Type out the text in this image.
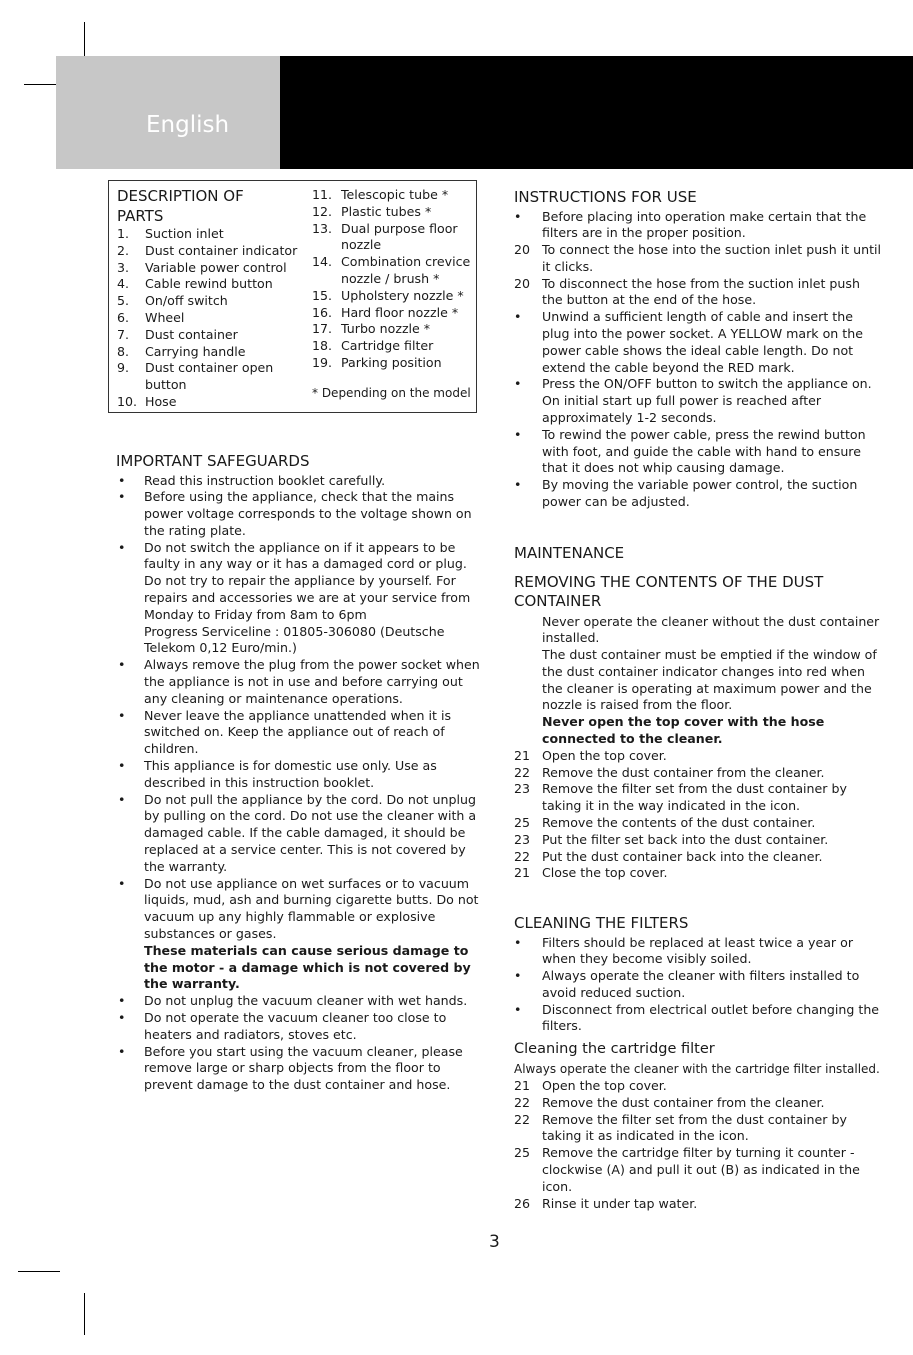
English
DESCRIPTION OF PARTS
1.	Suction inlet
2.	Dust container indicator
3.	Variable power control
4.	Cable rewind button
5.	On/off switch
6.	Wheel
7.	Dust container
8.	Carrying handle
9.	Dust container open button
10. Hose
11. Telescopic tube *
12. Plastic tubes *
13. Dual purpose floor nozzle
14. Combination crevice nozzle / brush *
15. Upholstery nozzle *
16. Hard floor nozzle *
17. Turbo nozzle *
18. Cartridge filter
19. Parking position
* Depending on the model
IMPORTANT SAFEGUARDS
•	Read this instruction booklet carefully.
•	Before using the appliance, check that the mains power voltage corresponds to the voltage shown on the rating plate.
•	Do not switch the appliance on if it appears to be faulty in any way or it has a damaged cord or plug. Do not try to repair the appliance by yourself. For repairs and accessories we are at your service from Monday to Friday from 8am to 6pm
Progress Serviceline : 01805-306080 (Deutsche Telekom 0,12 Euro/min.)
•	Always remove the plug from the power socket when the appliance is not in use and before carrying out any cleaning or maintenance operations.
•	Never leave the appliance unattended when it is switched on. Keep the appliance out of reach of children.
•	This appliance is for domestic use only. Use as described in this instruction booklet.
•	Do not pull the appliance by the cord. Do not unplug by pulling on the cord. Do not use the cleaner with a damaged cable. If the cable damaged, it should be replaced at a service center. This is not covered by the warranty.
•	Do not use appliance on wet surfaces or to vacuum liquids, mud, ash and burning cigarette butts. Do not vacuum up any highly flammable or explosive substances or gases.
These materials can cause serious damage to the motor - a damage which is not covered by the warranty.
•	Do not unplug the vacuum cleaner with wet hands.
•	Do not operate the vacuum cleaner too close to heaters and radiators, stoves etc.
•	Before you start using the vacuum cleaner, please remove large or sharp objects from the floor to prevent damage to the dust container and hose.
INSTRUCTIONS FOR USE
•	Before placing into operation make certain that the filters are in the proper position.
20 To connect the hose into the suction inlet push it until it clicks.
20 To disconnect the hose from the suction inlet push the button at the end of the hose.
•	Unwind a sufficient length of cable and insert the plug into the power socket. A YELLOW mark on the power cable shows the ideal cable length. Do not extend the cable beyond the RED mark.
•	Press the ON/OFF button to switch the appliance on. On initial start up full power is reached after approximately 1-2 seconds.
•	To rewind the power cable, press the rewind button with foot, and guide the cable with hand to ensure that it does not whip causing damage.
•	By moving the variable power control, the suction power can be adjusted.
MAINTENANCE
REMOVING THE CONTENTS OF THE DUST CONTAINER
Never operate the cleaner without the dust container installed.
The dust container must be emptied if the window of the dust container indicator changes into red when the cleaner is operating at maximum power and the nozzle is raised from the floor.
Never open the top cover with the hose connected to the cleaner.
21 Open the top cover.
22 Remove the dust container from the cleaner.
23 Remove the filter set from the dust container by taking it in the way indicated in the icon.
25 Remove the contents of the dust container.
23 Put the filter set back into the dust container.
22 Put the dust container back into the cleaner.
21 Close the top cover.
CLEANING THE FILTERS
•	Filters should be replaced at least twice a year or when they become visibly soiled.
•	Always operate the cleaner with filters installed to avoid reduced suction.
•	Disconnect from electrical outlet before changing the filters.
Cleaning the cartridge filter
Always operate the cleaner with the cartridge filter installed.
21 Open the top cover.
22 Remove the dust container from the cleaner.
22 Remove the filter set from the dust container by taking it as indicated in the icon.
25 Remove the cartridge filter by turning it counter - clockwise (A) and pull it out (B) as indicated in the icon.
26 Rinse it under tap water.
3
